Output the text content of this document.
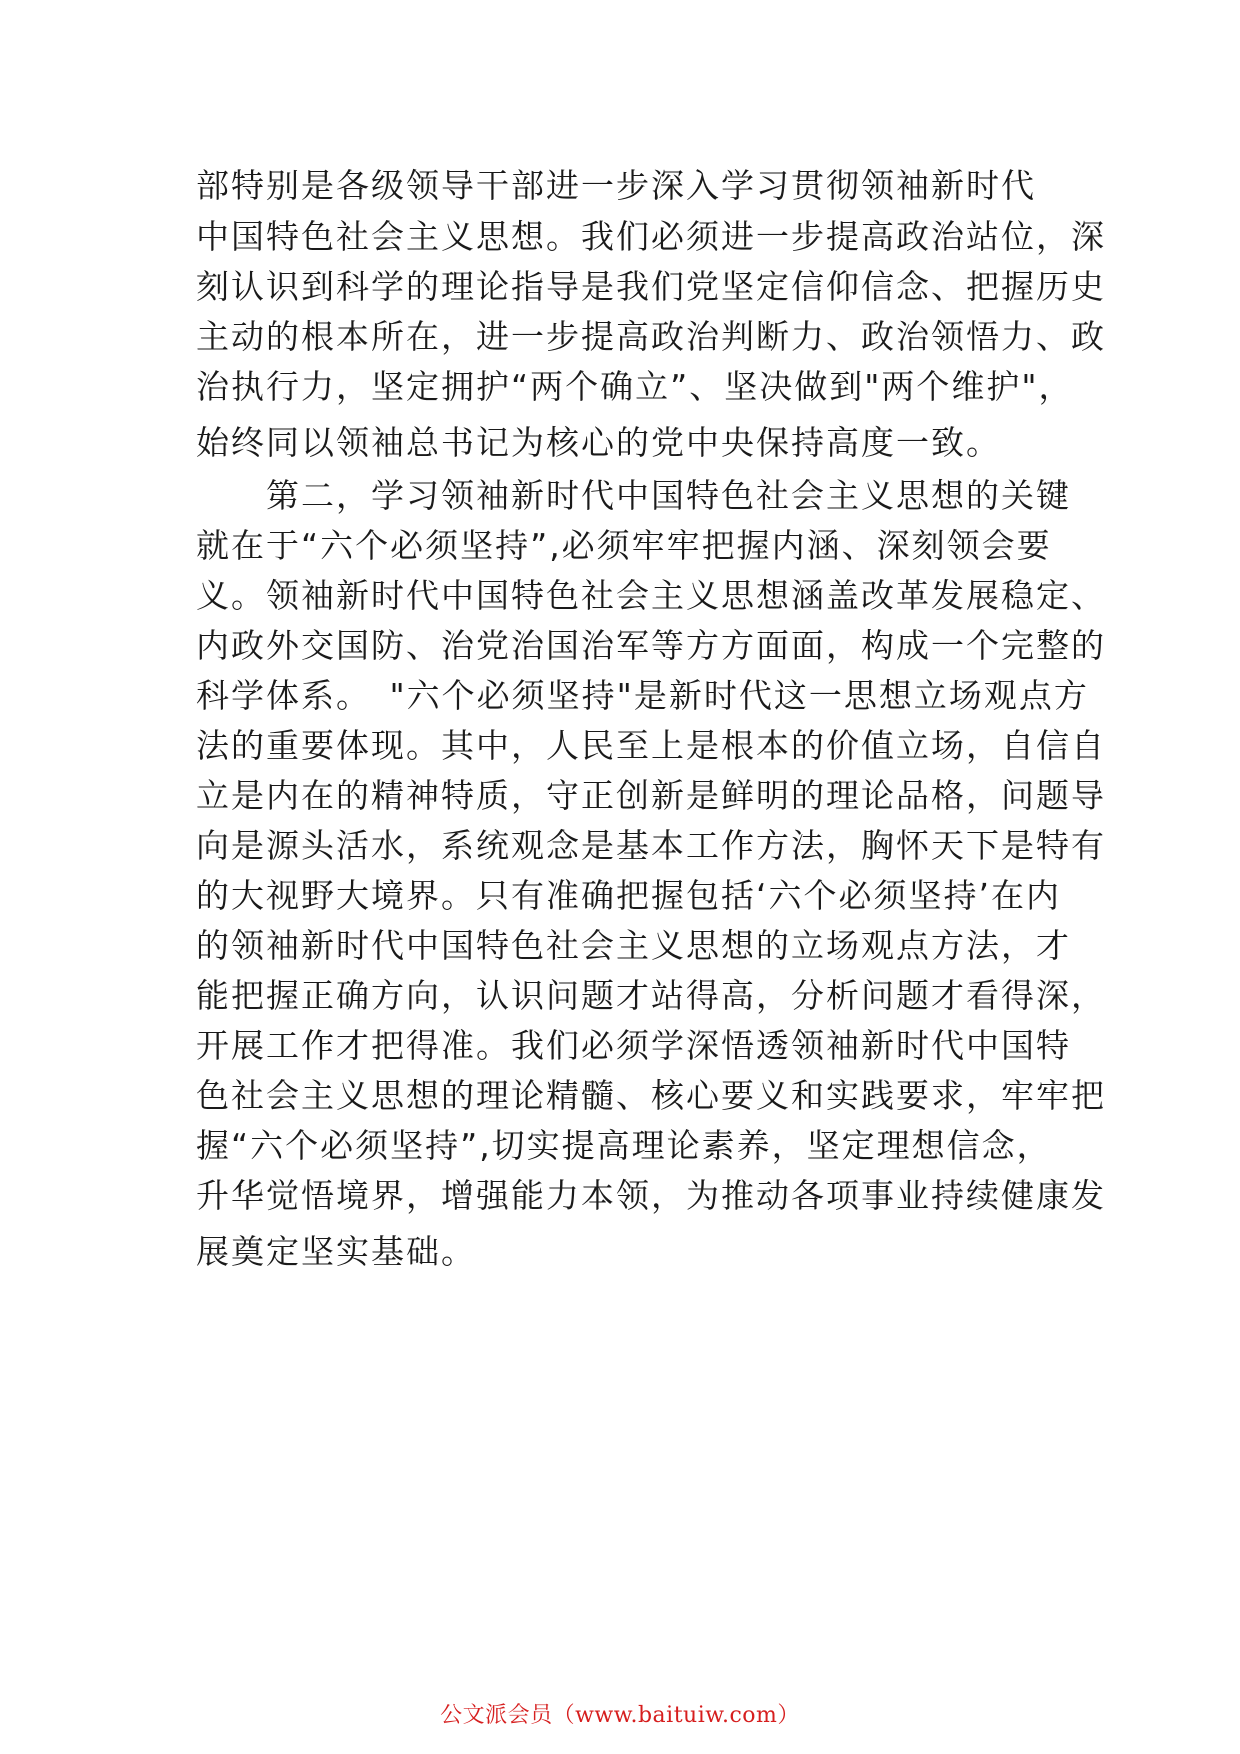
部特别是各级领导干部进一步深入学习贯彻领袖新时代
中国特色社会主义思想。我们必须进一步提高政治站位，深
刻认识到科学的理论指导是我们党坚定信仰信念、把握历史
主动的根本所在，进一步提高政治判断力、政治领悟力、政
治执行力，坚定拥护“两个确立”、坚决做到"两个维护"，
始终同以领袖总书记为核心的党中央保持高度一致。
　　第二，学习领袖新时代中国特色社会主义思想的关键
就在于“六个必须坚持”,必须牢牢把握内涵、深刻领会要
义。领袖新时代中国特色社会主义思想涵盖改革发展稳定、
内政外交国防、治党治国治军等方方面面，构成一个完整的
科学体系。　"六个必须坚持"是新时代这一思想立场观点方
法的重要体现。其中，人民至上是根本的价值立场，自信自
立是内在的精神特质，守正创新是鲜明的理论品格，问题导
向是源头活水，系统观念是基本工作方法，胸怀天下是特有
的大视野大境界。只有准确把握包括‘六个必须坚持’在内
的领袖新时代中国特色社会主义思想的立场观点方法，才
能把握正确方向，认识问题才站得高，分析问题才看得深，
开展工作才把得准。我们必须学深悟透领袖新时代中国特
色社会主义思想的理论精髓、核心要义和实践要求，牢牢把
握“六个必须坚持”,切实提高理论素养，坚定理想信念，
升华觉悟境界，增强能力本领，为推动各项事业持续健康发
展奠定坚实基础。
公文派会员（www.baituiw.com）
